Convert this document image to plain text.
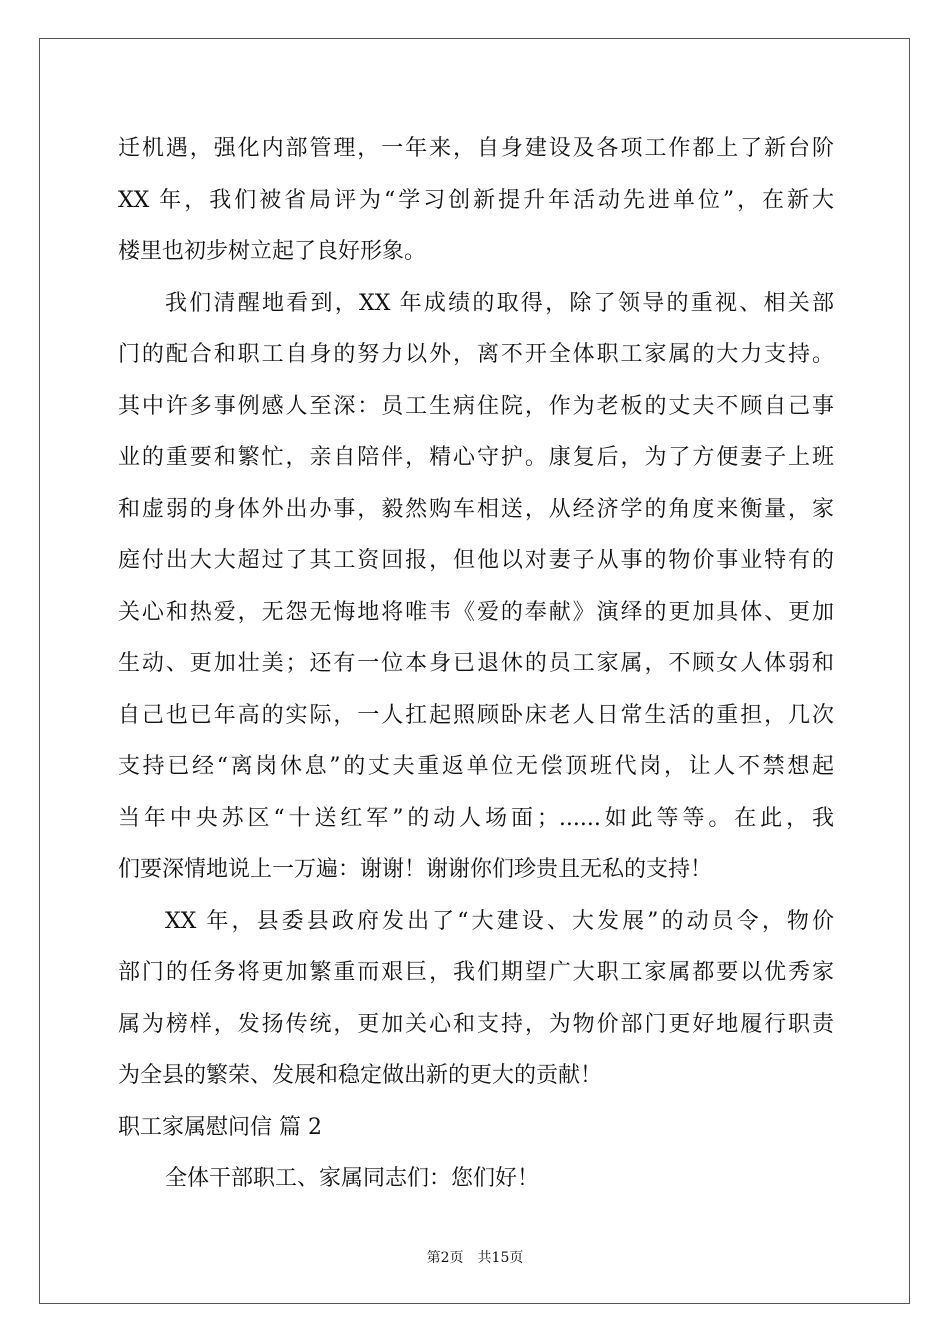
迁机遇，强化内部管理，一年来，自身建设及各项工作都上了新台阶
XX 年，我们被省局评为“学习创新提升年活动先进单位”，在新大
楼里也初步树立起了良好形象。
我们清醒地看到，XX 年成绩的取得，除了领导的重视、相关部
门的配合和职工自身的努力以外，离不开全体职工家属的大力支持。
其中许多事例感人至深：员工生病住院，作为老板的丈夫不顾自己事
业的重要和繁忙，亲自陪伴，精心守护。康复后，为了方便妻子上班
和虚弱的身体外出办事，毅然购车相送，从经济学的角度来衡量，家
庭付出大大超过了其工资回报，但他以对妻子从事的物价事业特有的
关心和热爱，无怨无悔地将唯韦《爱的奉献》演绎的更加具体、更加
生动、更加壮美；还有一位本身已退休的员工家属，不顾女人体弱和
自己也已年高的实际，一人扛起照顾卧床老人日常生活的重担，几次
支持已经“离岗休息”的丈夫重返单位无偿顶班代岗，让人不禁想起
当年中央苏区“十送红军”的动人场面；......如此等等。在此，我
们要深情地说上一万遍：谢谢！谢谢你们珍贵且无私的支持！
XX 年，县委县政府发出了“大建设、大发展”的动员令，物价
部门的任务将更加繁重而艰巨，我们期望广大职工家属都要以优秀家
属为榜样，发扬传统，更加关心和支持，为物价部门更好地履行职责
为全县的繁荣、发展和稳定做出新的更大的贡献！
职工家属慰问信 篇 2
全体干部职工、家属同志们：您们好！
第2页 共15页
